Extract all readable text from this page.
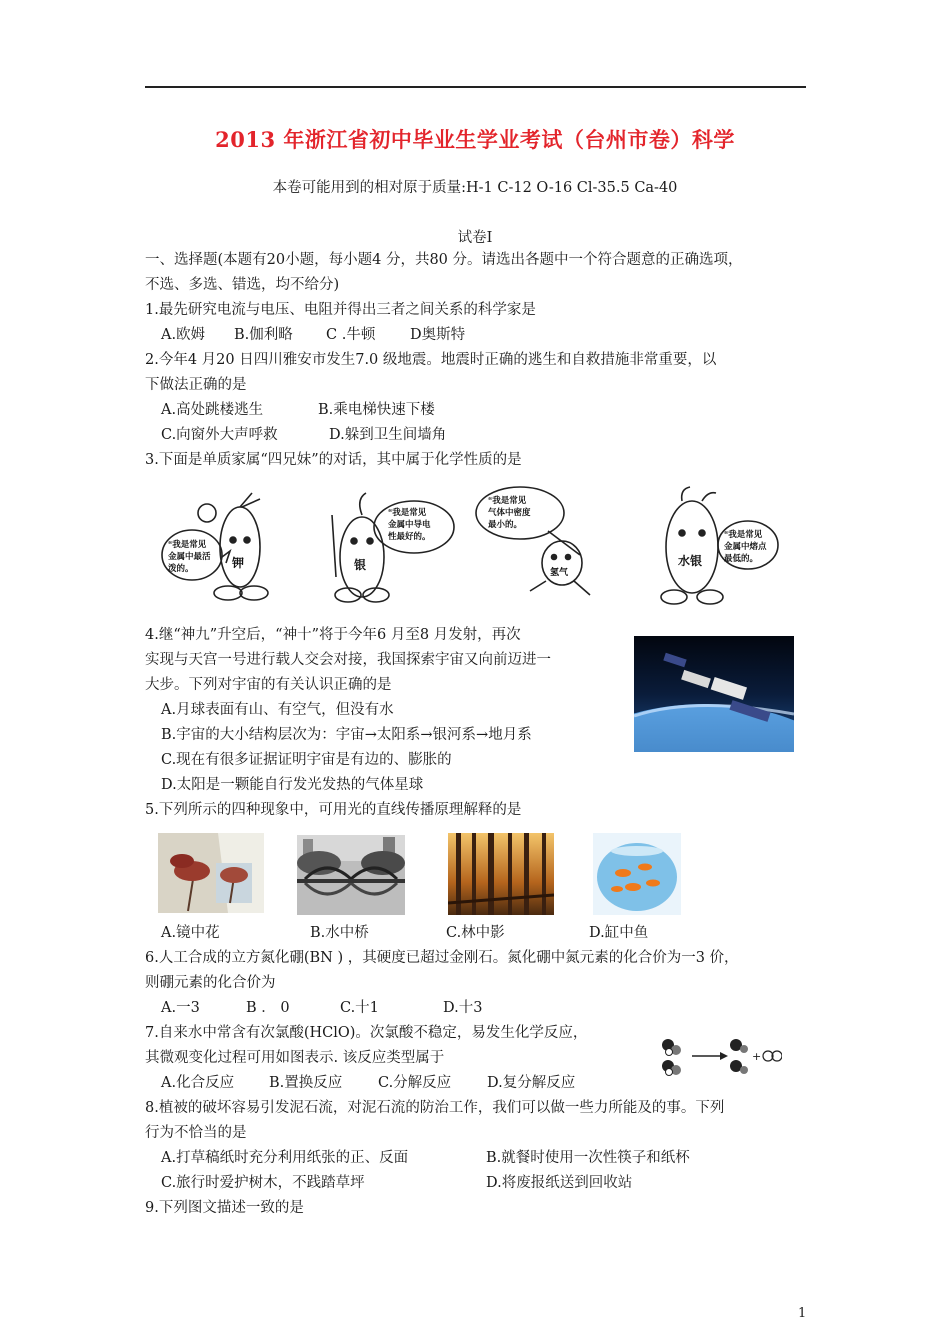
2013 年浙江省初中毕业生学业考试（台州市卷）科学
本卷可能用到的相对原于质量:H-1 C-12 O-16 Cl-35.5 Ca-40
试卷Ⅰ
一、选择题(本题有20小题，每小题4 分，共80 分。请选出各题中一个符合题意的正确选项，
不选、多选、错选，均不给分)
1.最先研究电流与电压、电阻并得出三者之间关系的科学家是
A.欧姆 B.伽利略 C .牛顿 D奥斯特
2.今年4 月20 日四川雅安市发生7.0 级地震。地震时正确的逃生和自救措施非常重要，以
下做法正确的是
A.高处跳楼逃生	B.乘电梯快速下楼
C.向窗外大声呼救	D.躲到卫生间墙角
3.下面是单质家属“四兄妹”的对话，其中属于化学性质的是
“我是常见
金属中最活
泼的。	钾
“我是常见
金属中导电
性最好的。
银
“我是常见
气体中密度
最小的。
氢气
“我是常见
金属中熔点
最低的。
水银
4.继“神九”升空后，“神十”将于今年6 月至8 月发射，再次
实现与天宫一号进行载人交会对接，我国探索宇宙又向前迈进一
大步。下列对宇宙的有关认识正确的是
A.月球表面有山、有空气，但没有水
B.宇宙的大小结构层次为：宇宙→太阳系→银河系→地月系
C.现在有很多证据证明宇宙是有边的、膨胀的
D.太阳是一颗能自行发光发热的气体星球
5.下列所示的四种现象中，可用光的直线传播原理解释的是
A.镜中花	B.水中桥	C.林中影	D.缸中鱼
6.人工合成的立方氮化硼(BN ) ，其硬度已超过金刚石。氮化硼中氮元素的化合价为一3 价，
则硼元素的化合价为
A.一3	B ． 0	C.十1	D.十3
7.自来水中常含有次氯酸(HClO)。次氯酸不稳定，易发生化学反应，
其微观变化过程可用如图表示. 该反应类型属于
A.化合反应 B.置换反应 C.分解反应 D.复分解反应
+
8.植被的破坏容易引发泥石流，对泥石流的防治工作，我们可以做一些力所能及的事。下列
行为不恰当的是
A.打草稿纸时充分利用纸张的正、反面	B.就餐时使用一次性筷子和纸杯
C.旅行时爱护树木，不践踏草坪	D.将废报纸送到回收站
9.下列图文描述一致的是
1
